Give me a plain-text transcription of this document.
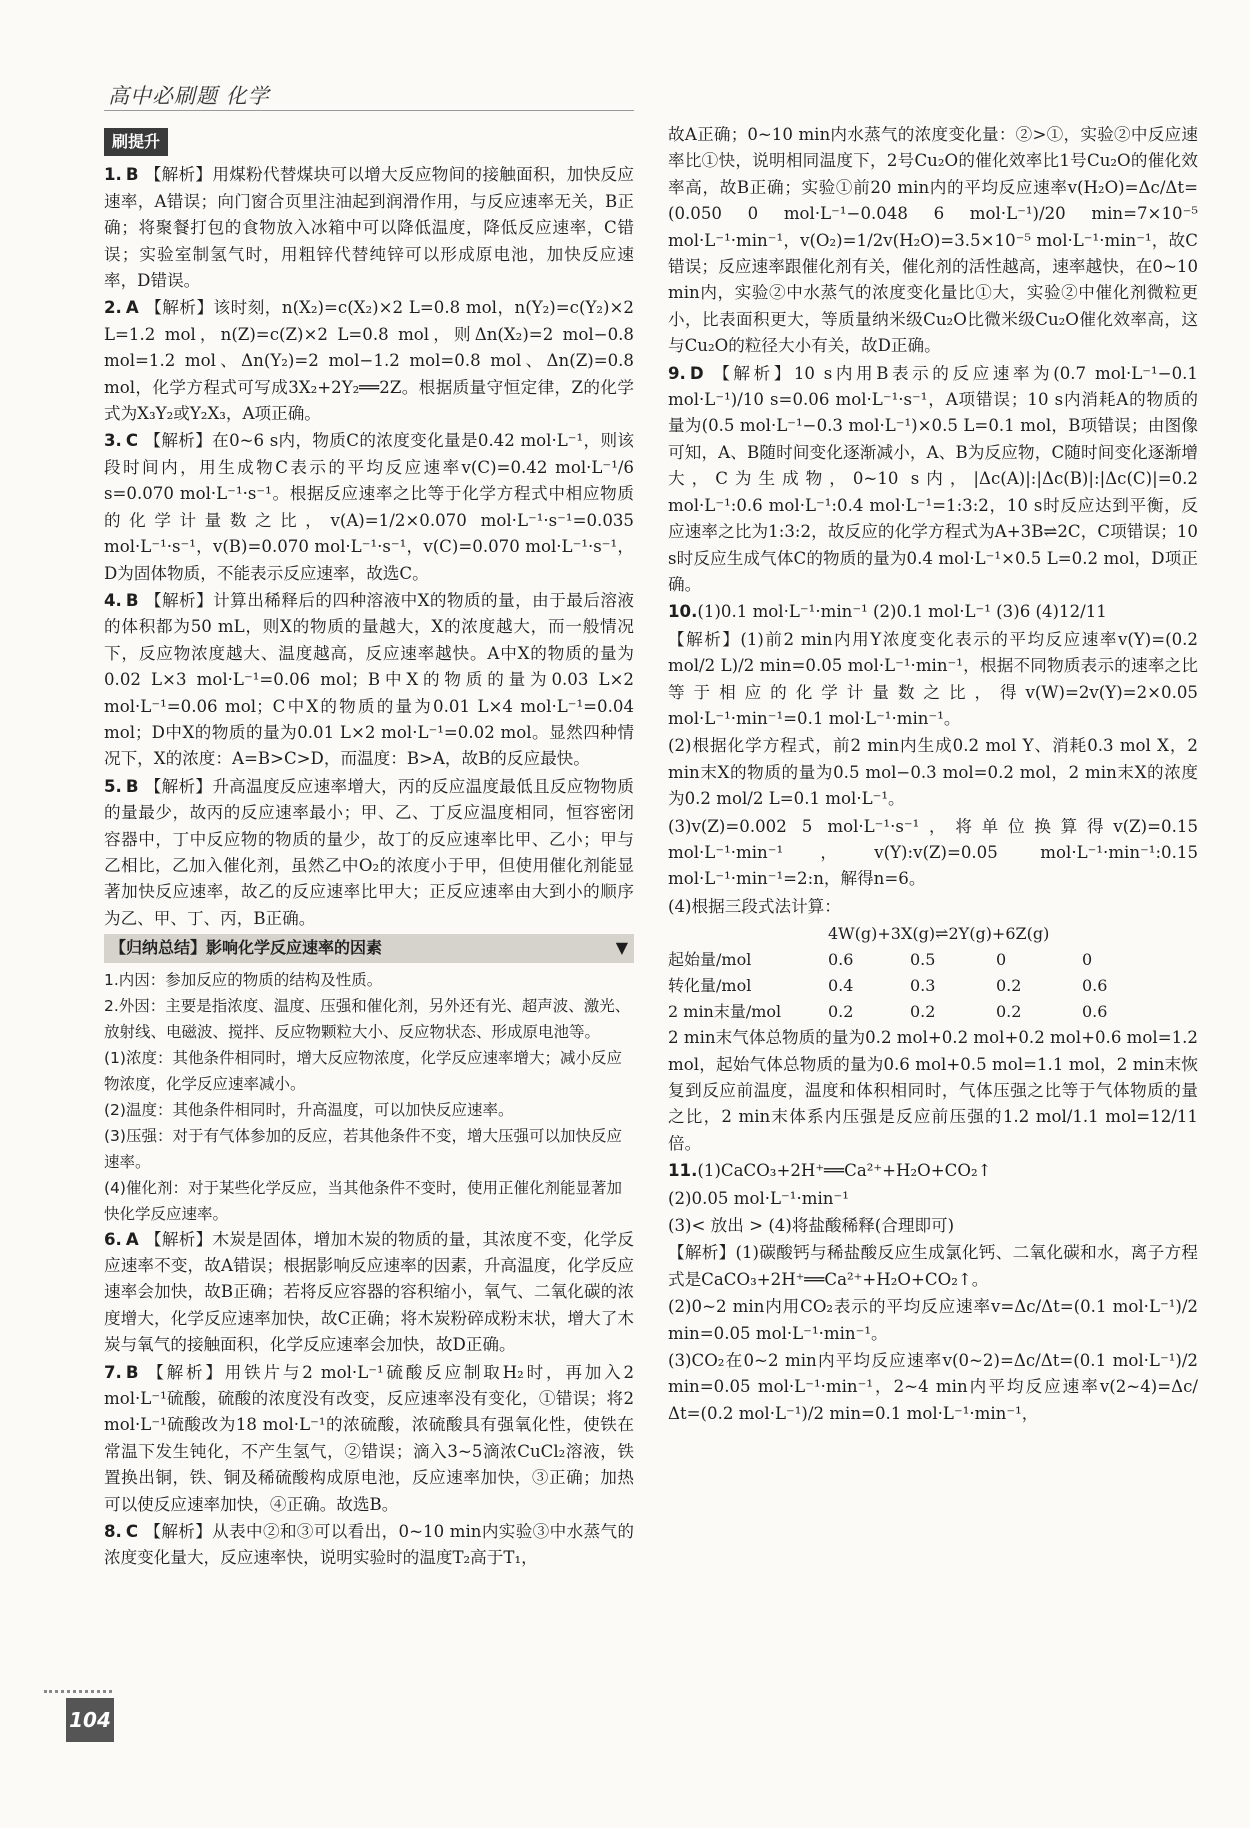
高中必刷题 化学
刷提升

1. B 【解析】用煤粉代替煤块可以增大反应物间的接触面积，加快反应速率，A错误；向门窗合页里注油起到润滑作用，与反应速率无关，B正确；将聚餐打包的食物放入冰箱中可以降低温度，降低反应速率，C错误；实验室制氢气时，用粗锌代替纯锌可以形成原电池，加快反应速率，D错误。

2. A 【解析】该时刻，n(X₂)=c(X₂)×2 L=0.8 mol，n(Y₂)=c(Y₂)×2 L=1.2 mol，n(Z)=c(Z)×2 L=0.8 mol，则Δn(X₂)=2 mol−0.8 mol=1.2 mol、Δn(Y₂)=2 mol−1.2 mol=0.8 mol、Δn(Z)=0.8 mol，化学方程式可写成3X₂+2Y₂══2Z。根据质量守恒定律，Z的化学式为X₃Y₂或Y₂X₃，A项正确。

3. C 【解析】在0~6 s内，物质C的浓度变化量是0.42 mol·L⁻¹，则该段时间内，用生成物C表示的平均反应速率v(C)=0.42 mol·L⁻¹/6 s=0.070 mol·L⁻¹·s⁻¹。根据反应速率之比等于化学方程式中相应物质的化学计量数之比，v(A)=1/2×0.070 mol·L⁻¹·s⁻¹=0.035 mol·L⁻¹·s⁻¹，v(B)=0.070 mol·L⁻¹·s⁻¹，v(C)=0.070 mol·L⁻¹·s⁻¹，D为固体物质，不能表示反应速率，故选C。

4. B 【解析】计算出稀释后的四种溶液中X的物质的量，由于最后溶液的体积都为50 mL，则X的物质的量越大，X的浓度越大，而一般情况下，反应物浓度越大、温度越高，反应速率越快。A中X的物质的量为0.02 L×3 mol·L⁻¹=0.06 mol；B中X的物质的量为0.03 L×2 mol·L⁻¹=0.06 mol；C中X的物质的量为0.01 L×4 mol·L⁻¹=0.04 mol；D中X的物质的量为0.01 L×2 mol·L⁻¹=0.02 mol。显然四种情况下，X的浓度：A=B>C>D，而温度：B>A，故B的反应最快。

5. B 【解析】升高温度反应速率增大，丙的反应温度最低且反应物物质的量最少，故丙的反应速率最小；甲、乙、丁反应温度相同，恒容密闭容器中，丁中反应物的物质的量少，故丁的反应速率比甲、乙小；甲与乙相比，乙加入催化剂，虽然乙中O₂的浓度小于甲，但使用催化剂能显著加快反应速率，故乙的反应速率比甲大；正反应速率由大到小的顺序为乙、甲、丁、丙，B正确。

【归纳总结】影响化学反应速率的因素	▼
1.内因：参加反应的物质的结构及性质。
2.外因：主要是指浓度、温度、压强和催化剂，另外还有光、超声波、激光、放射线、电磁波、搅拌、反应物颗粒大小、反应物状态、形成原电池等。
(1)浓度：其他条件相同时，增大反应物浓度，化学反应速率增大；减小反应物浓度，化学反应速率减小。
(2)温度：其他条件相同时，升高温度，可以加快反应速率。
(3)压强：对于有气体参加的反应，若其他条件不变，增大压强可以加快反应速率。
(4)催化剂：对于某些化学反应，当其他条件不变时，使用正催化剂能显著加快化学反应速率。

6. A 【解析】木炭是固体，增加木炭的物质的量，其浓度不变，化学反应速率不变，故A错误；根据影响反应速率的因素，升高温度，化学反应速率会加快，故B正确；若将反应容器的容积缩小，氧气、二氧化碳的浓度增大，化学反应速率加快，故C正确；将木炭粉碎成粉末状，增大了木炭与氧气的接触面积，化学反应速率会加快，故D正确。

7. B 【解析】用铁片与2 mol·L⁻¹硫酸反应制取H₂时，再加入2 mol·L⁻¹硫酸，硫酸的浓度没有改变，反应速率没有变化，①错误；将2 mol·L⁻¹硫酸改为18 mol·L⁻¹的浓硫酸，浓硫酸具有强氧化性，使铁在常温下发生钝化，不产生氢气，②错误；滴入3~5滴浓CuCl₂溶液，铁置换出铜，铁、铜及稀硫酸构成原电池，反应速率加快，③正确；加热可以使反应速率加快，④正确。故选B。

8. C 【解析】从表中②和③可以看出，0~10 min内实验③中水蒸气的浓度变化量大，反应速率快，说明实验时的温度T₂高于T₁，

故A正确；0~10 min内水蒸气的浓度变化量：②>①，实验②中反应速率比①快，说明相同温度下，2号Cu₂O的催化效率比1号Cu₂O的催化效率高，故B正确；实验①前20 min内的平均反应速率v(H₂O)=Δc/Δt=(0.050 0 mol·L⁻¹−0.048 6 mol·L⁻¹)/20 min=7×10⁻⁵ mol·L⁻¹·min⁻¹，v(O₂)=1/2v(H₂O)=3.5×10⁻⁵ mol·L⁻¹·min⁻¹，故C错误；反应速率跟催化剂有关，催化剂的活性越高，速率越快，在0~10 min内，实验②中水蒸气的浓度变化量比①大，实验②中催化剂微粒更小，比表面积更大，等质量纳米级Cu₂O比微米级Cu₂O催化效率高，这与Cu₂O的粒径大小有关，故D正确。

9. D 【解析】10 s内用B表示的反应速率为(0.7 mol·L⁻¹−0.1 mol·L⁻¹)/10 s=0.06 mol·L⁻¹·s⁻¹，A项错误；10 s内消耗A的物质的量为(0.5 mol·L⁻¹−0.3 mol·L⁻¹)×0.5 L=0.1 mol，B项错误；由图像可知，A、B随时间变化逐渐减小，A、B为反应物，C随时间变化逐渐增大，C为生成物，0~10 s内，|Δc(A)|:|Δc(B)|:|Δc(C)|=0.2 mol·L⁻¹:0.6 mol·L⁻¹:0.4 mol·L⁻¹=1:3:2，10 s时反应达到平衡，反应速率之比为1:3:2，故反应的化学方程式为A+3B⇌2C，C项错误；10 s时反应生成气体C的物质的量为0.4 mol·L⁻¹×0.5 L=0.2 mol，D项正确。

10.(1)0.1 mol·L⁻¹·min⁻¹ (2)0.1 mol·L⁻¹ (3)6 (4)12/11

【解析】(1)前2 min内用Y浓度变化表示的平均反应速率v(Y)=(0.2 mol/2 L)/2 min=0.05 mol·L⁻¹·min⁻¹，根据不同物质表示的速率之比等于相应的化学计量数之比，得v(W)=2v(Y)=2×0.05 mol·L⁻¹·min⁻¹=0.1 mol·L⁻¹·min⁻¹。

(2)根据化学方程式，前2 min内生成0.2 mol Y、消耗0.3 mol X，2 min末X的物质的量为0.5 mol−0.3 mol=0.2 mol，2 min末X的浓度为0.2 mol/2 L=0.1 mol·L⁻¹。

(3)v(Z)=0.002 5 mol·L⁻¹·s⁻¹，将单位换算得v(Z)=0.15 mol·L⁻¹·min⁻¹，v(Y):v(Z)=0.05 mol·L⁻¹·min⁻¹:0.15 mol·L⁻¹·min⁻¹=2:n，解得n=6。

(4)根据三段式法计算：

4W(g)+3X(g)⇌2Y(g)+6Z(g)
起始量/mol	0.6	0.5	0	0
转化量/mol	0.4	0.3	0.2	0.6
2 min末量/mol	0.2	0.2	0.2	0.6

2 min末气体总物质的量为0.2 mol+0.2 mol+0.2 mol+0.6 mol=1.2 mol，起始气体总物质的量为0.6 mol+0.5 mol=1.1 mol，2 min末恢复到反应前温度，温度和体积相同时，气体压强之比等于气体物质的量之比，2 min末体系内压强是反应前压强的1.2 mol/1.1 mol=12/11倍。

11.(1)CaCO₃+2H⁺══Ca²⁺+H₂O+CO₂↑

(2)0.05 mol·L⁻¹·min⁻¹

(3)< 放出 > (4)将盐酸稀释(合理即可)

【解析】(1)碳酸钙与稀盐酸反应生成氯化钙、二氧化碳和水，离子方程式是CaCO₃+2H⁺══Ca²⁺+H₂O+CO₂↑。

(2)0~2 min内用CO₂表示的平均反应速率v=Δc/Δt=(0.1 mol·L⁻¹)/2 min=0.05 mol·L⁻¹·min⁻¹。

(3)CO₂在0~2 min内平均反应速率v(0~2)=Δc/Δt=(0.1 mol·L⁻¹)/2 min=0.05 mol·L⁻¹·min⁻¹，2~4 min内平均反应速率v(2~4)=Δc/Δt=(0.2 mol·L⁻¹)/2 min=0.1 mol·L⁻¹·min⁻¹，

104
